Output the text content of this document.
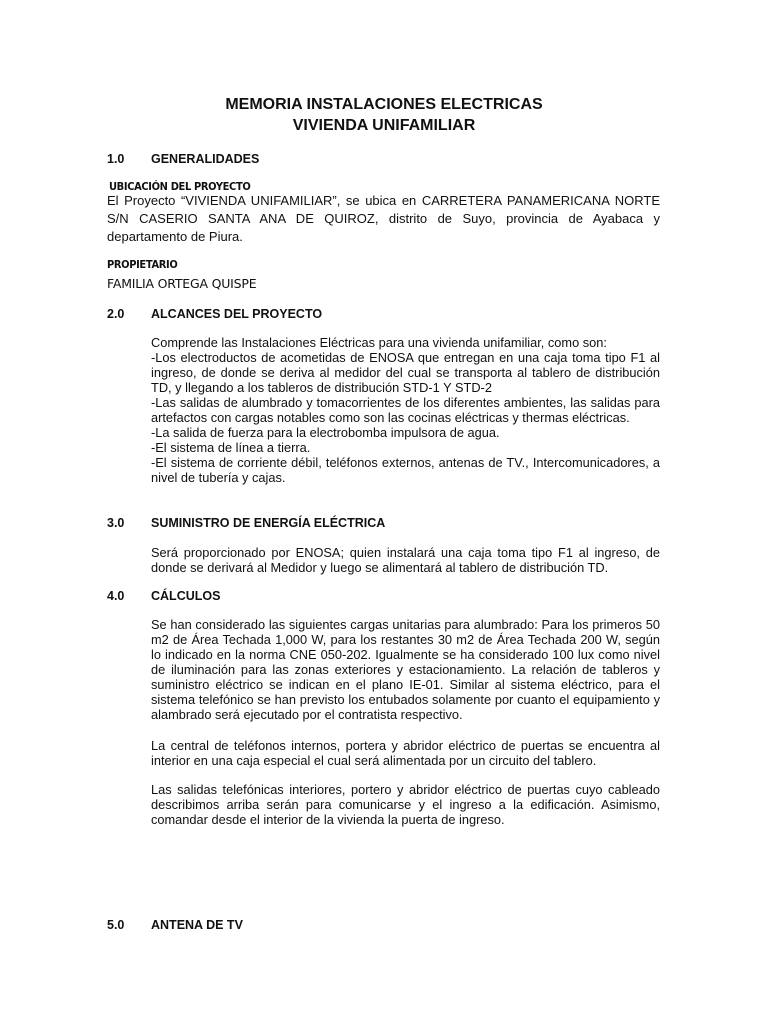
MEMORIA INSTALACIONES ELECTRICAS
VIVIENDA UNIFAMILIAR
1.0 GENERALIDADES
UBICACIÓN DEL PROYECTO

El Proyecto “VIVIENDA UNIFAMILIAR”, se ubica en CARRETERA PANAMERICANA NORTE S/N CASERIO SANTA ANA DE QUIROZ, distrito de Suyo, provincia de Ayabaca y departamento de Piura.

PROPIETARIO
FAMILIA ORTEGA QUISPE
2.0 ALCANCES DEL PROYECTO
Comprende las Instalaciones Eléctricas para una vivienda unifamiliar, como son:
-Los electroductos de acometidas de ENOSA que entregan en una caja toma tipo F1 al ingreso, de donde se deriva al medidor del cual se transporta al tablero de distribución TD, y llegando a los tableros de distribución STD-1 Y STD-2
-Las salidas de alumbrado y tomacorrientes de los diferentes ambientes, las salidas para artefactos con cargas notables como son las cocinas eléctricas y thermas eléctricas.
-La salida de fuerza para la electrobomba impulsora de agua.
-El sistema de línea a tierra.
-El sistema de corriente débil, teléfonos externos, antenas de TV., Intercomunicadores, a nivel de tubería y cajas.
3.0 SUMINISTRO DE ENERGÍA ELÉCTRICA

Será proporcionado por ENOSA; quien instalará una caja toma tipo F1 al ingreso, de donde se derivará al Medidor y luego se alimentará al tablero de distribución TD.

4.0 CÁLCULOS

Se han considerado las siguientes cargas unitarias para alumbrado: Para los primeros 50 m2 de Área Techada 1,000 W, para los restantes 30 m2 de Área Techada 200 W, según lo indicado en la norma CNE 050-202. Igualmente se ha considerado 100 lux como nivel de iluminación para las zonas exteriores y estacionamiento. La relación de tableros y suministro eléctrico se indican en el plano IE-01. Similar al sistema eléctrico, para el sistema telefónico se han previsto los entubados solamente por cuanto el equipamiento y alambrado será ejecutado por el contratista respectivo.

La central de teléfonos internos, portera y abridor eléctrico de puertas se encuentra al interior en una caja especial el cual será alimentada por un circuito del tablero.

Las salidas telefónicas interiores, portero y abridor eléctrico de puertas cuyo cableado describimos arriba serán para comunicarse y el ingreso a la edificación. Asimismo, comandar desde el interior de la vivienda la puerta de ingreso.

5.0 ANTENA DE TV
